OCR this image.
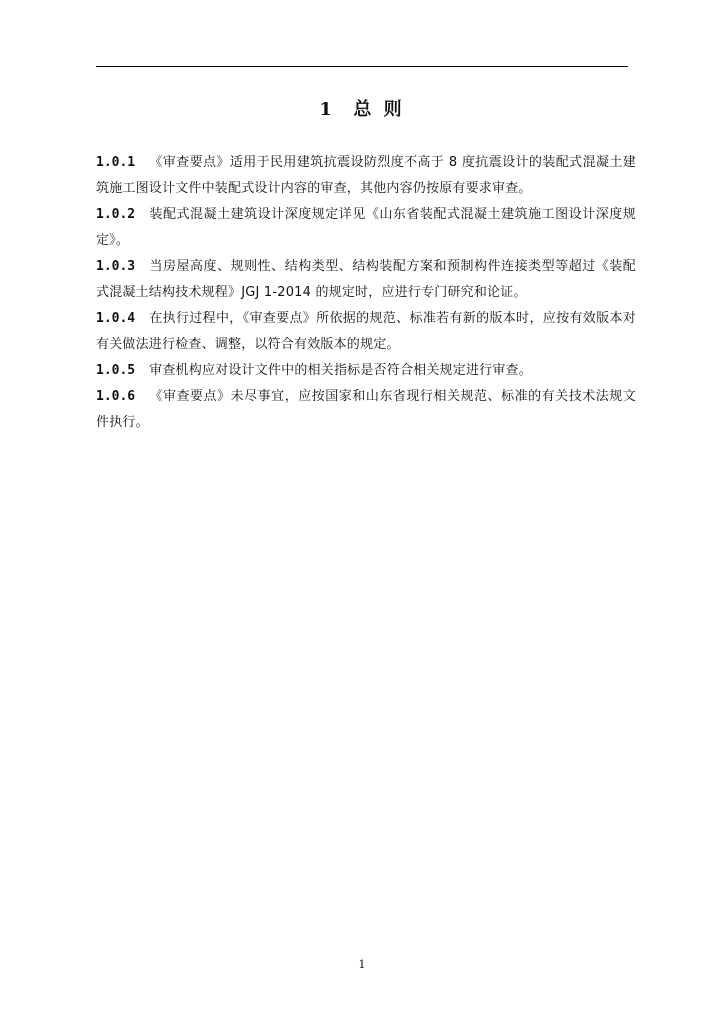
1  总 则

1.0.1 《审查要点》适用于民用建筑抗震设防烈度不高于 8 度抗震设计的装配式混凝土建筑施工图设计文件中装配式设计内容的审查，其他内容仍按原有要求审查。

1.0.2 装配式混凝土建筑设计深度规定详见《山东省装配式混凝土建筑施工图设计深度规定》。

1.0.3 当房屋高度、规则性、结构类型、结构装配方案和预制构件连接类型等超过《装配式混凝土结构技术规程》JGJ 1-2014 的规定时，应进行专门研究和论证。

1.0.4 在执行过程中，《审查要点》所依据的规范、标准若有新的版本时，应按有效版本对有关做法进行检查、调整，以符合有效版本的规定。

1.0.5 审查机构应对设计文件中的相关指标是否符合相关规定进行审查。

1.0.6 《审查要点》未尽事宜，应按国家和山东省现行相关规范、标准的有关技术法规文件执行。

1
